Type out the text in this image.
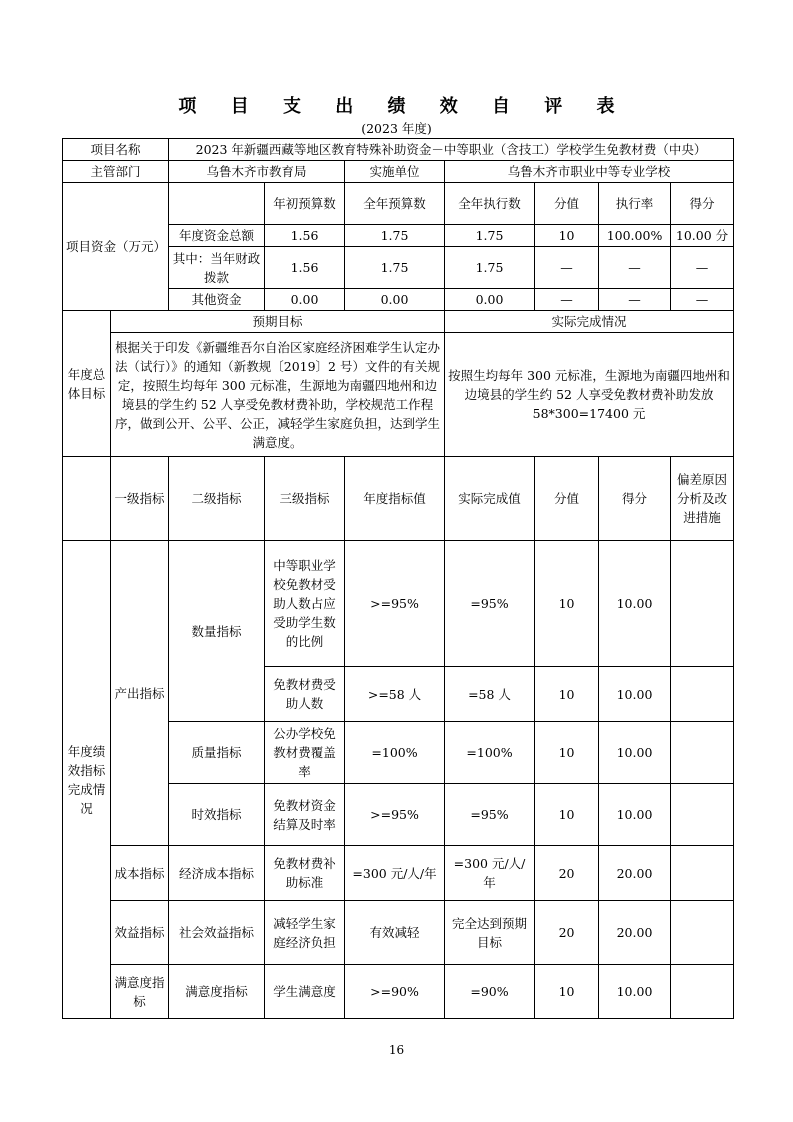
项 目 支 出 绩 效 自 评 表
(2023 年度)
项目名称		2023 年新疆西藏等地区教育特殊补助资金－中等职业（含技工）学校学生免教材费（中央）						
主管部门		乌鲁木齐市教育局		实施单位	乌鲁木齐市职业中等专业学校			
项目资金（万元）			年初预算数	全年预算数	全年执行数	分值	执行率	得分
		年度资金总额	1.56	1.75	1.75	10	100.00%	10.00 分
		其中：当年财政拨款	1.56	1.75	1.75	—	—	—
		其他资金	0.00	0.00	0.00	—	—	—
年度总体目标	预期目标				实际完成情况			
	根据关于印发《新疆维吾尔自治区家庭经济困难学生认定办法（试行）》的通知（新教规〔2019〕2 号）文件的有关规定，按照生均每年 300 元标准，生源地为南疆四地州和边境县的学生约 52 人享受免教材费补助，学校规范工作程序，做到公开、公平、公正，减轻学生家庭负担，达到学生满意度。				按照生均每年 300 元标准，生源地为南疆四地州和边境县的学生约 52 人享受免教材费补助发放 58*300=17400 元			
	一级指标	二级指标	三级指标	年度指标值	实际完成值	分值	得分	偏差原因分析及改进措施
年度绩效指标完成情况	产出指标	数量指标	中等职业学校免教材受助人数占应受助学生数的比例	>=95%	=95%	10	10.00	
			免教材费受助人数	>=58 人	=58 人	10	10.00	
		质量指标	公办学校免教材费覆盖率	=100%	=100%	10	10.00	
		时效指标	免教材资金结算及时率	>=95%	=95%	10	10.00	
	成本指标	经济成本指标	免教材费补助标准	=300 元/人/年	=300 元/人/年	20	20.00	
	效益指标	社会效益指标	减轻学生家庭经济负担	有效减轻	完全达到预期目标	20	20.00	
	满意度指标	满意度指标	学生满意度	>=90%	=90%	10	10.00	
16
